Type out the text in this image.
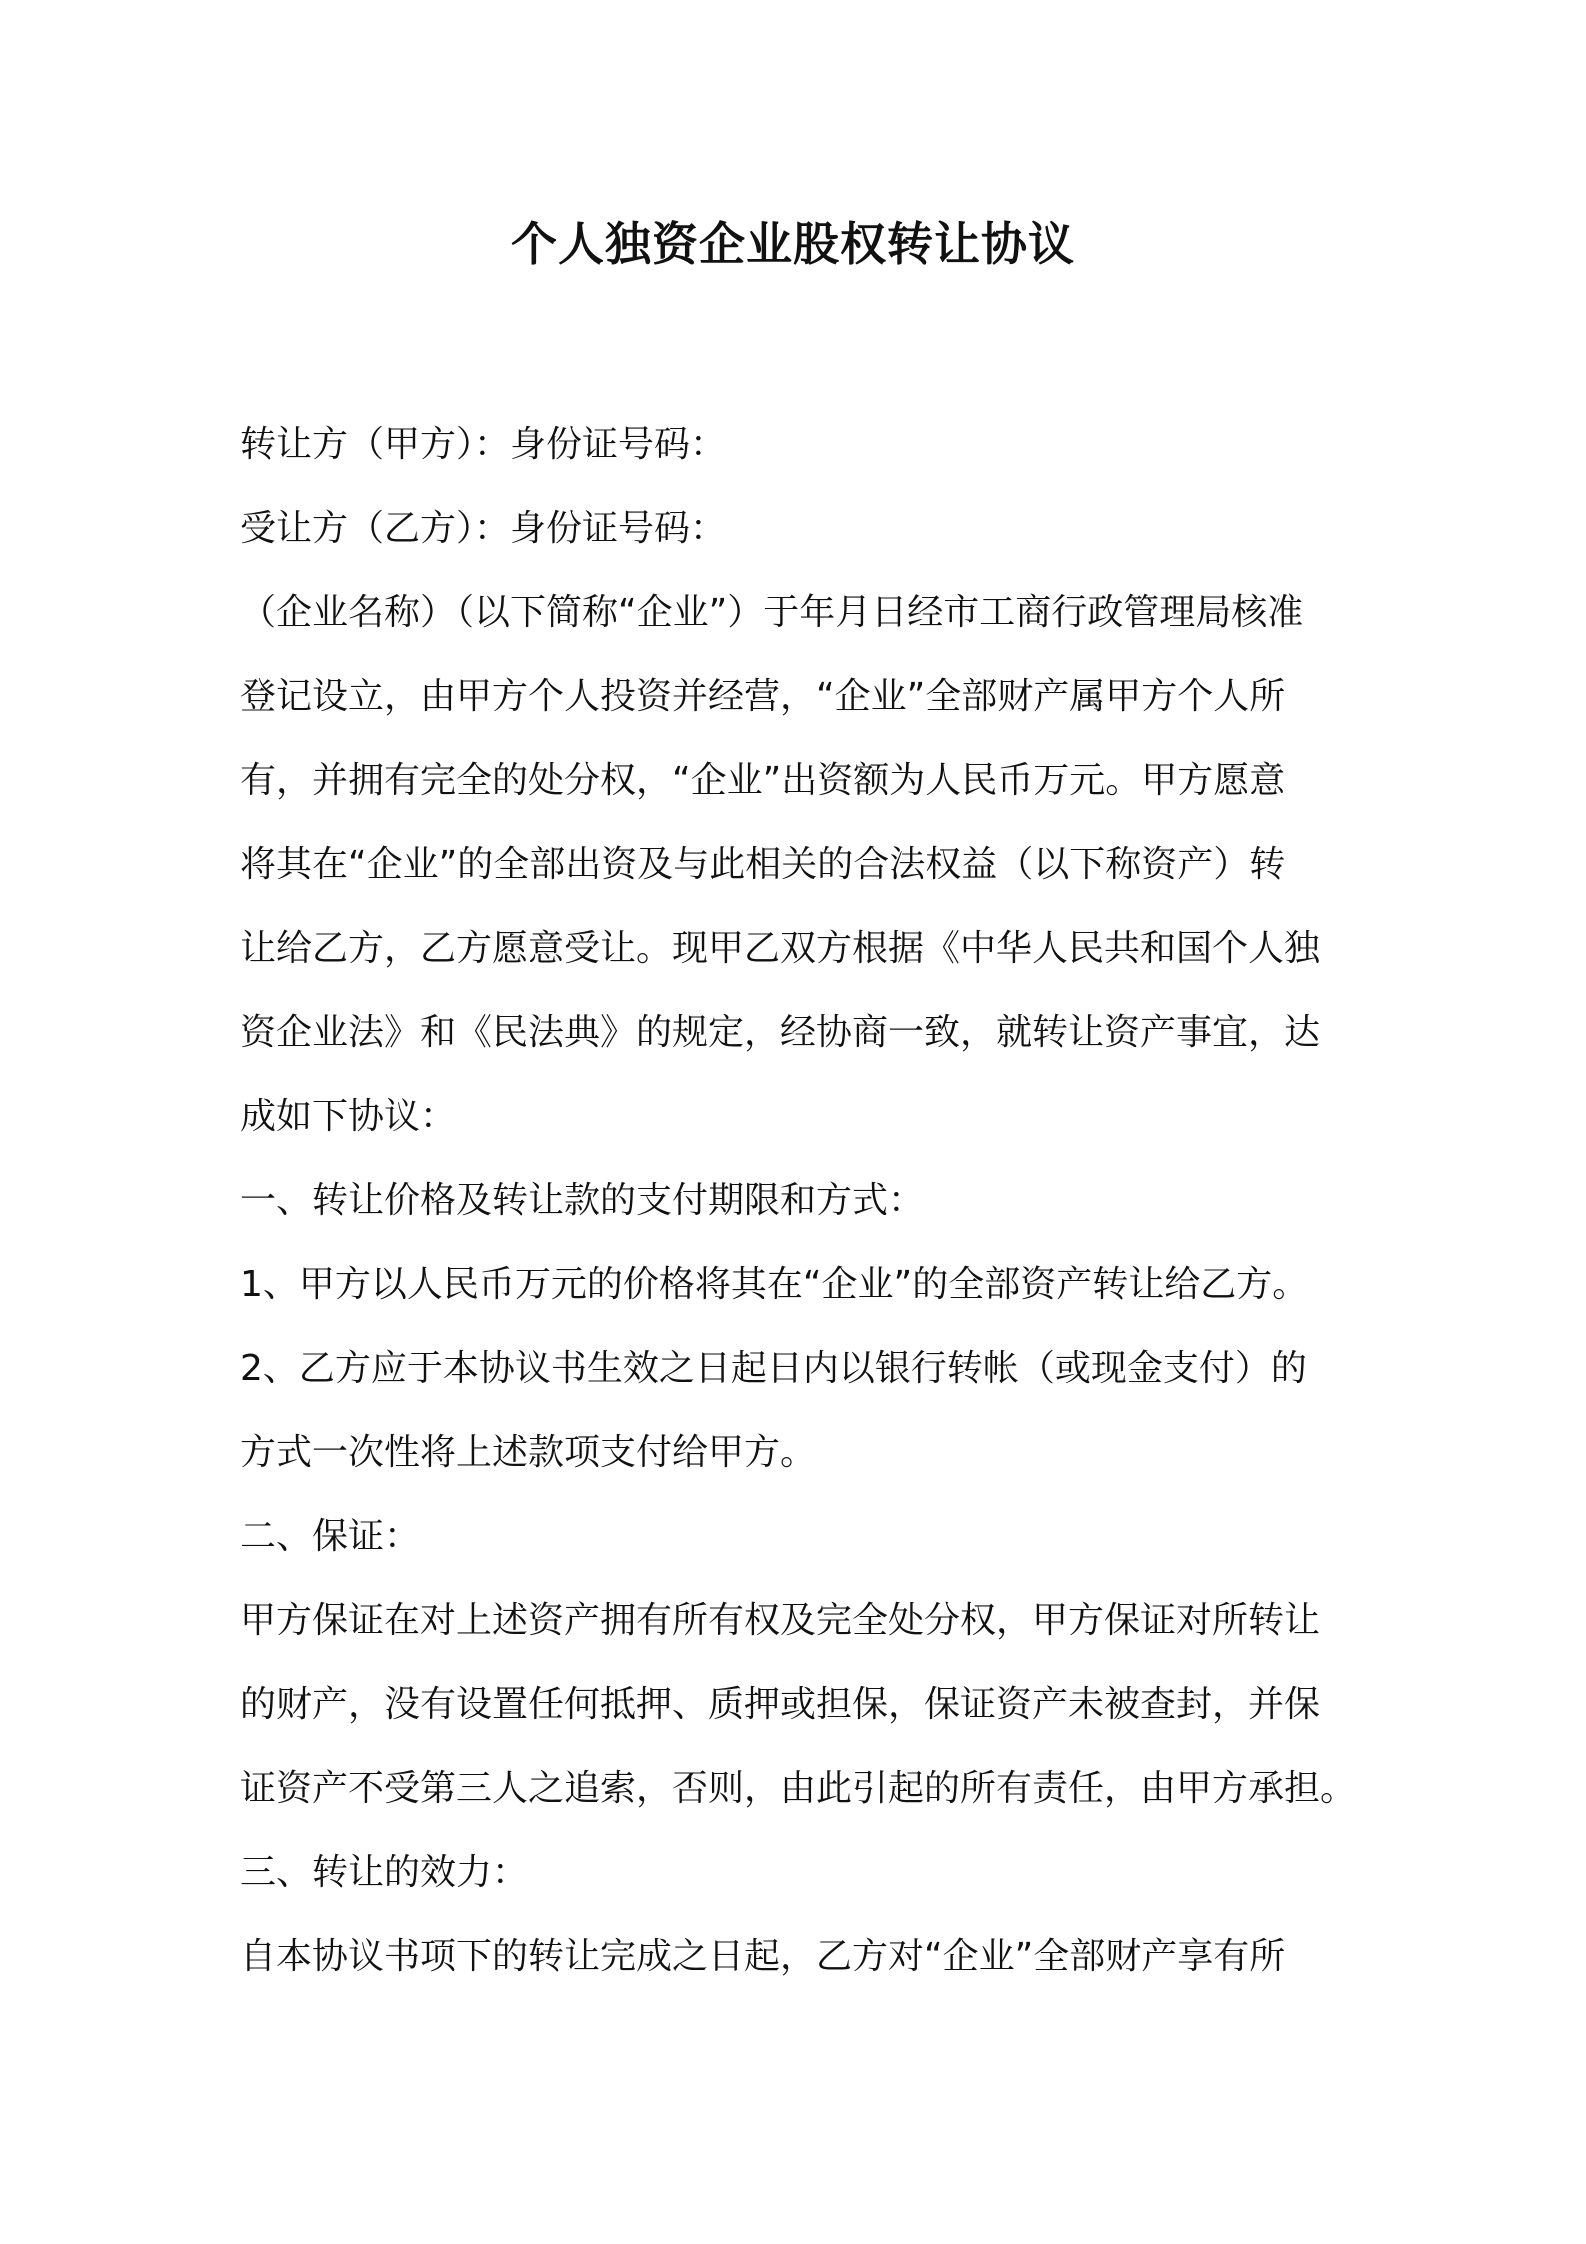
个人独资企业股权转让协议
转让方（甲方）：身份证号码：
受让方（乙方）：身份证号码：
（企业名称）（以下简称“企业”）于年月日经市工商行政管理局核准
登记设立，由甲方个人投资并经营，“企业”全部财产属甲方个人所
有，并拥有完全的处分权，“企业”出资额为人民币万元。甲方愿意
将其在“企业”的全部出资及与此相关的合法权益（以下称资产）转
让给乙方，乙方愿意受让。现甲乙双方根据《中华人民共和国个人独
资企业法》和《民法典》的规定，经协商一致，就转让资产事宜，达
成如下协议：
一、转让价格及转让款的支付期限和方式：
1、甲方以人民币万元的价格将其在“企业”的全部资产转让给乙方。
2、乙方应于本协议书生效之日起日内以银行转帐（或现金支付）的
方式一次性将上述款项支付给甲方。
二、保证：
甲方保证在对上述资产拥有所有权及完全处分权，甲方保证对所转让
的财产，没有设置任何抵押、质押或担保，保证资产未被查封，并保
证资产不受第三人之追索，否则，由此引起的所有责任，由甲方承担。
三、转让的效力：
自本协议书项下的转让完成之日起，乙方对“企业”全部财产享有所
